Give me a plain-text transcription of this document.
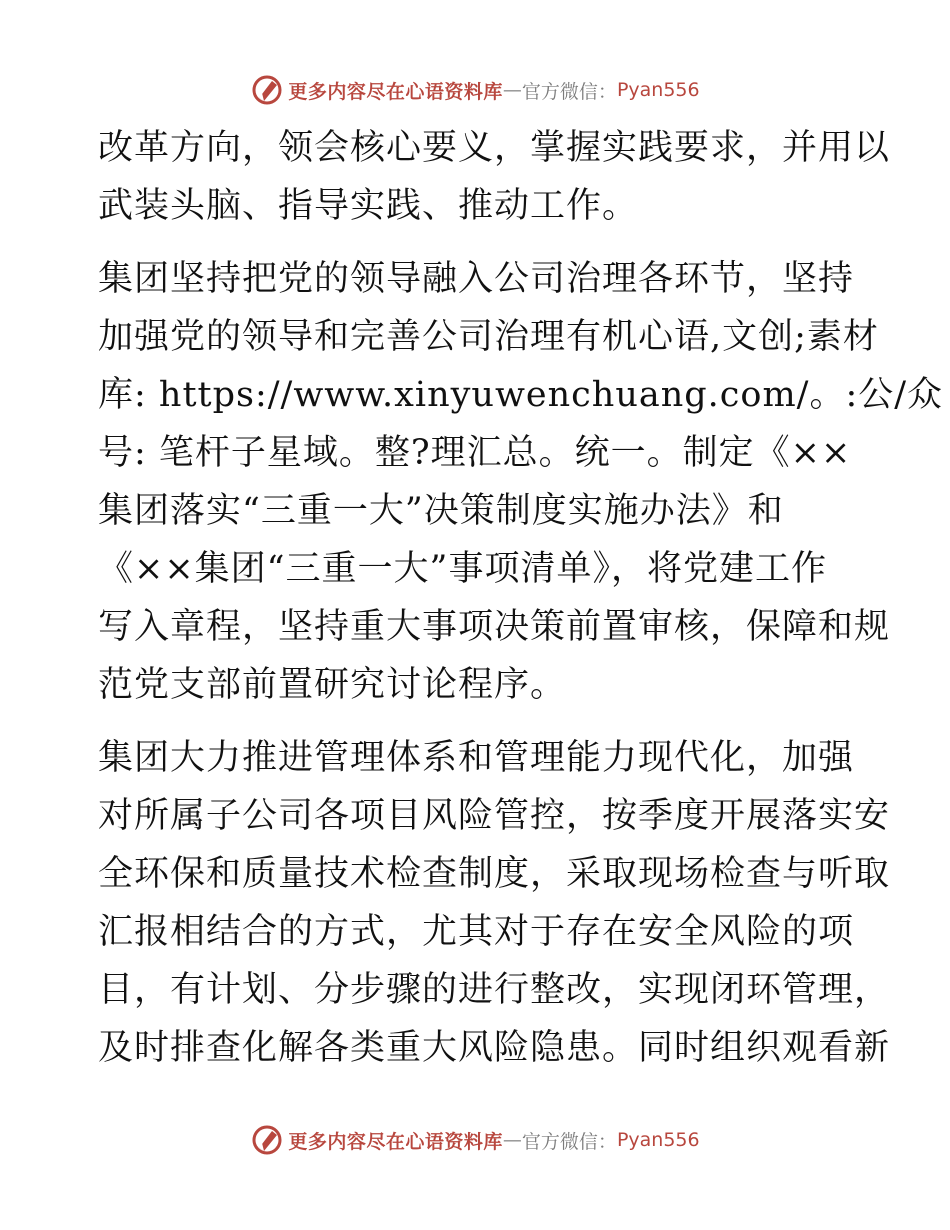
更多内容尽在心语资料库 — 官方微信： Pyan556
改革方向，领会核心要义，掌握实践要求，并用以
武装头脑、指导实践、推动工作。
集团坚持把党的领导融入公司治理各环节，坚持
加强党的领导和完善公司治理有机心语,文创;素材
库: https://www.xinyuwenchuang.com/。:公/众
号: 笔杆子星域。整?理汇总。统一。制定《××
集团落实“三重一大”决策制度实施办法》和
《××集团“三重一大”事项清单》，将党建工作
写入章程，坚持重大事项决策前置审核，保障和规
范党支部前置研究讨论程序。
集团大力推进管理体系和管理能力现代化，加强
对所属子公司各项目风险管控，按季度开展落实安
全环保和质量技术检查制度，采取现场检查与听取
汇报相结合的方式，尤其对于存在安全风险的项
目，有计划、分步骤的进行整改，实现闭环管理，
及时排查化解各类重大风险隐患。同时组织观看新
更多内容尽在心语资料库 — 官方微信： Pyan556
